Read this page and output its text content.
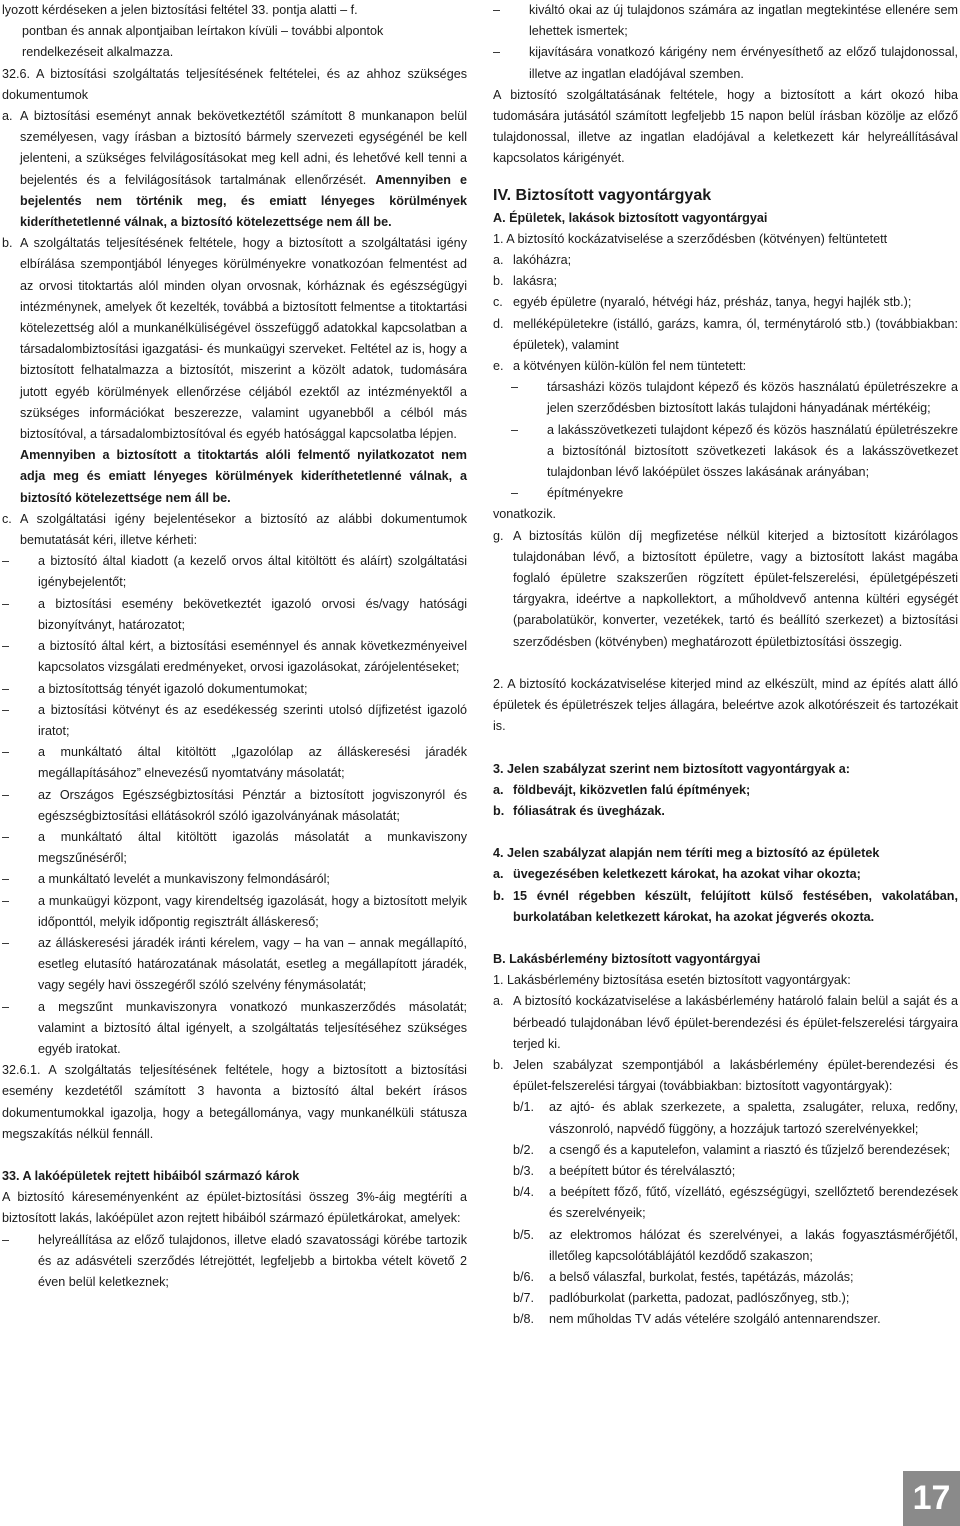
lyozott kérdéseken a jelen biztosítási feltétel 33. pontja alatti – f.

pontban és annak alpontjaiban leírtakon kívüli – további alpontok

rendelkezéseit alkalmazza.

32.6. A biztosítási szolgáltatás teljesítésének feltételei, és az ahhoz szükséges dokumentumok

a. A biztosítási eseményt annak bekövetkeztétől számított 8 munkanapon belül személyesen, vagy írásban a biztosító bármely szervezeti egységénél be kell jelenteni, a szükséges felvilágosításokat meg kell adni, és lehetővé kell tenni a bejelentés és a felvilágosítások tartalmának ellenőrzését. Amennyiben e bejelentés nem történik meg, és emiatt lényeges körülmények kideríthetetlenné válnak, a biztosító kötelezettsége nem áll be.
b. A szolgáltatás teljesítésének feltétele, hogy a biztosított a szolgáltatási igény elbírálása szempontjából lényeges körülményekre vonatkozóan felmentést ad az orvosi titoktartás alól minden olyan orvosnak, kórháznak és egészségügyi intézménynek, amelyek őt kezelték, továbbá a biztosított felmentse a titoktartási kötelezettség alól a munkanélküliségével összefüggő adatokkal kapcsolatban a társadalombiztosítási igazgatási- és munkaügyi szerveket. Feltétel az is, hogy a biztosított felhatalmazza a biztosítót, miszerint a közölt adatok, tudomására jutott egyéb körülmények ellenőrzése céljából ezektől az intézményektől a szükséges információkat beszerezze, valamint ugyanebből a célból más biztosítóval, a társadalombiztosítóval és egyéb hatósággal kapcsolatba lépjen.

Amennyiben a biztosított a titoktartás alóli felmentő nyilatkozatot nem adja meg és emiatt lényeges körülmények kideríthetetlenné válnak, a biztosító kötelezettsége nem áll be.

c. A szolgáltatási igény bejelentésekor a biztosító az alábbi dokumentumok bemutatását kéri, illetve kérheti:
–	a biztosító által kiadott (a kezelő orvos által kitöltött és aláírt) szolgáltatási igénybejelentőt;
–	a biztosítási esemény bekövetkeztét igazoló orvosi és/vagy hatósági bizonyítványt, határozatot;
–	a biztosító által kért, a biztosítási eseménnyel és annak következményeivel kapcsolatos vizsgálati eredményeket, orvosi igazolásokat, zárójelentéseket;
–	a biztosítottság tényét igazoló dokumentumokat;
–	a biztosítási kötvényt és az esedékesség szerinti utolsó díjfizetést igazoló iratot;
–	a munkáltató által kitöltött „Igazolólap az álláskeresési járadék megállapításához” elnevezésű nyomtatvány másolatát;
–	az Országos Egészségbiztosítási Pénztár a biztosított jogviszonyról és egészségbiztosítási ellátásokról szóló igazolványának másolatát;
–	a munkáltató által kitöltött igazolás másolatát a munkaviszony megszűnéséről;
–	a munkáltató levelét a munkaviszony felmondásáról;
–	a munkaügyi központ, vagy kirendeltség igazolását, hogy a biztosított melyik időponttól, melyik időpontig regisztrált álláskereső;
–	az álláskeresési járadék iránti kérelem, vagy – ha van – annak megállapító, esetleg elutasító határozatának másolatát, esetleg a megállapított járadék, vagy segély havi összegéről szóló szelvény fénymásolatát;
–	a megszűnt munkaviszonyra vonatkozó munkaszerződés másolatát; valamint a biztosító által igényelt, a szolgáltatás teljesítéséhez szükséges egyéb iratokat.

32.6.1. A szolgáltatás teljesítésének feltétele, hogy a biztosított a biztosítási esemény kezdetétől számított 3 havonta a biztosító által bekért írásos dokumentumokkal igazolja, hogy a betegállománya, vagy munkanélküli státusza megszakítás nélkül fennáll.

33. A lakóépületek rejtett hibáiból származó károk

A biztosító káreseményenként az épület-biztosítási összeg 3%-áig megtéríti a biztosított lakás, lakóépület azon rejtett hibáiból származó épületkárokat, amelyek:

–	helyreállítása az előző tulajdonos, illetve eladó szavatossági körébe tartozik és az adásvételi szerződés létrejöttét, legfeljebb a birtokba vételt követő 2 éven belül keletkeznek;
–	kiváltó okai az új tulajdonos számára az ingatlan megtekintése ellenére sem lehettek ismertek;
–	kijavítására vonatkozó kárigény nem érvényesíthető az előző tulajdonossal, illetve az ingatlan eladójával szemben.

A biztosító szolgáltatásának feltétele, hogy a biztosított a kárt okozó hiba tudomására jutásától számított legfeljebb 15 napon belül írásban közölje az előző tulajdonossal, illetve az ingatlan eladójával a keletkezett kár helyreállításával kapcsolatos kárigényét.

IV. Biztosított vagyontárgyak

A. Épületek, lakások biztosított vagyontárgyai

1. A biztosító kockázatviselése a szerződésben (kötvényen) feltüntetett

a. lakóházra;
b. lakásra;
c. egyéb épületre (nyaraló, hétvégi ház, présház, tanya, hegyi hajlék stb.);
d. melléképületekre (istálló, garázs, kamra, ól, terménytároló stb.) (továbbiakban: épületek), valamint
e. a kötvényen külön-külön fel nem tüntetett:
–	társasházi közös tulajdont képező és közös használatú épületrészekre a jelen szerződésben biztosított lakás tulajdoni hányadának mértékéig;
–	a lakásszövetkezeti tulajdont képező és közös használatú épületrészekre a biztosítónál biztosított szövetkezeti lakások és a lakásszövetkezet tulajdonban lévő lakóépület összes lakásának arányában;
–	építményekre

vonatkozik.

g. A biztosítás külön díj megfizetése nélkül kiterjed a biztosított kizárólagos tulajdonában lévő, a biztosított épületre, vagy a biztosított lakást magába foglaló épületre szakszerűen rögzített épület-felszerelési, épületgépészeti tárgyakra, ideértve a napkollektort, a műholdvevő antenna kültéri egységét (parabolatükör, konverter, vezetékek, tartó és beállító szerkezet) a biztosítási szerződésben (kötvényben) meghatározott épületbiztosítási összegig.

2. A biztosító kockázatviselése kiterjed mind az elkészült, mind az építés alatt álló épületek és épületrészek teljes állagára, beleértve azok alkotórészeit és tartozékait is.

3. Jelen szabályzat szerint nem biztosított vagyontárgyak a:

a. földbevájt, kiközvetlen falú építmények;
b. fóliasátrak és üvegházak.

4. Jelen szabályzat alapján nem téríti meg a biztosító az épületek

a. üvegezésében keletkezett károkat, ha azokat vihar okozta;
b. 15 évnél régebben készült, felújított külső festésében, vakolatában, burkolatában keletkezett károkat, ha azokat jégverés okozta.

B. Lakásbérlemény biztosított vagyontárgyai

1. Lakásbérlemény biztosítása esetén biztosított vagyontárgyak:

a. A biztosító kockázatviselése a lakásbérlemény határoló falain belül a saját és a bérbeadó tulajdonában lévő épület-berendezési és épület-felszerelési tárgyaira terjed ki.
b. Jelen szabályzat szempontjából a lakásbérlemény épület-berendezési és épület-felszerelési tárgyai (továbbiakban: biztosított vagyontárgyak):
b/1.	az ajtó- és ablak szerkezete, a spaletta, zsalugáter, reluxa, redőny, vászonroló, napvédő függöny, a hozzájuk tartozó szerelvényekkel;
b/2.	a csengő és a kaputelefon, valamint a riasztó és tűzjelző berendezések;
b/3.	a beépített bútor és térelválasztó;
b/4.	a beépített főző, fűtő, vízellátó, egészségügyi, szellőztető berendezések és szerelvényeik;
b/5.	az elektromos hálózat és szerelvényei, a lakás fogyasztásmérőjétől, illetőleg kapcsolótáblájától kezdődő szakaszon;
b/6.	a belső válaszfal, burkolat, festés, tapétázás, mázolás;
b/7.	padlóburkolat (parketta, padozat, padlószőnyeg, stb.);
b/8.	nem műholdas TV adás vételére szolgáló antennarendszer.
17
